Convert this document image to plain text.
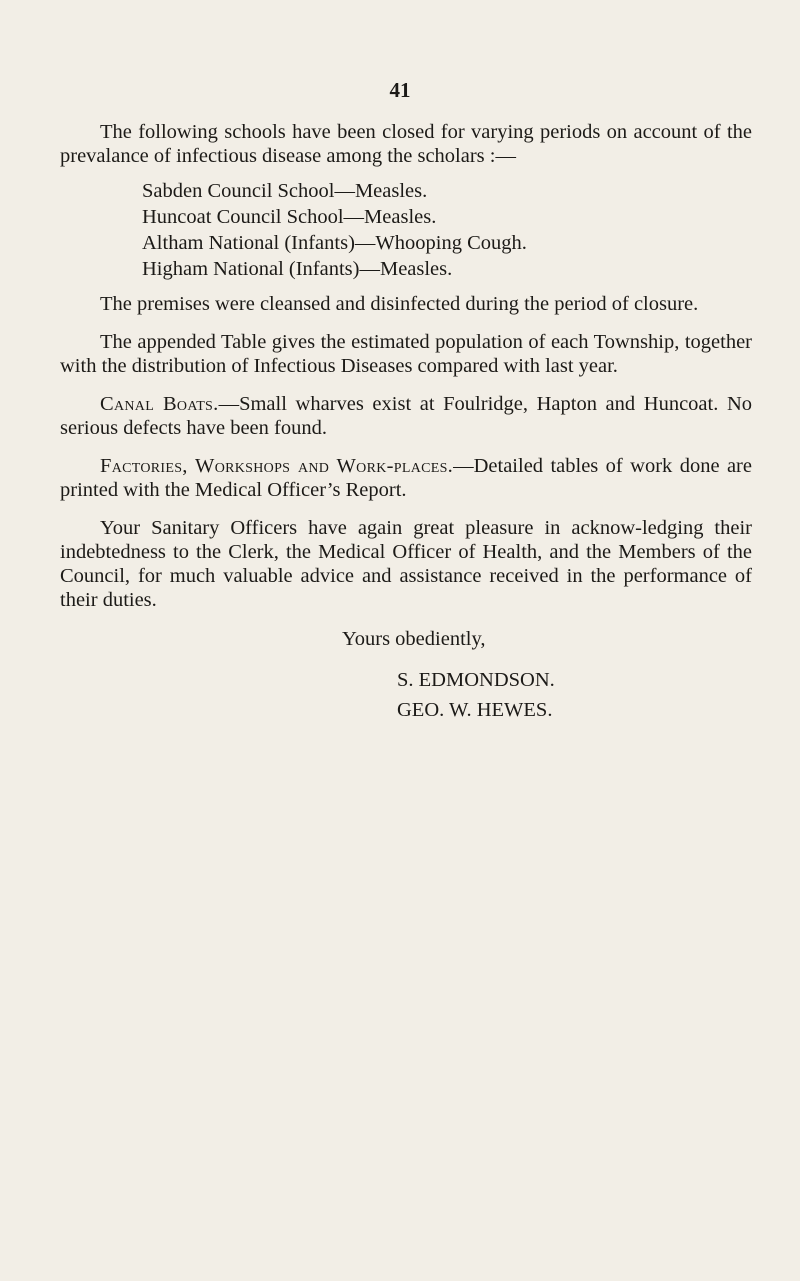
41

The following schools have been closed for varying periods on account of the prevalance of infectious disease among the scholars :—

Sabden Council School—Measles.
Huncoat Council School—Measles.
Altham National (Infants)—Whooping Cough.
Higham National (Infants)—Measles.

The premises were cleansed and disinfected during the period of closure.

The appended Table gives the estimated population of each Township, together with the distribution of Infectious Diseases compared with last year.

Canal Boats.—Small wharves exist at Foulridge, Hapton and Huncoat. No serious defects have been found.

Factories, Workshops and Work-places.—Detailed tables of work done are printed with the Medical Officer’s Report.

Your Sanitary Officers have again great pleasure in acknow-ledging their indebtedness to the Clerk, the Medical Officer of Health, and the Members of the Council, for much valuable advice and assistance received in the performance of their duties.

Yours obediently,
S. EDMONDSON.
GEO. W. HEWES.
